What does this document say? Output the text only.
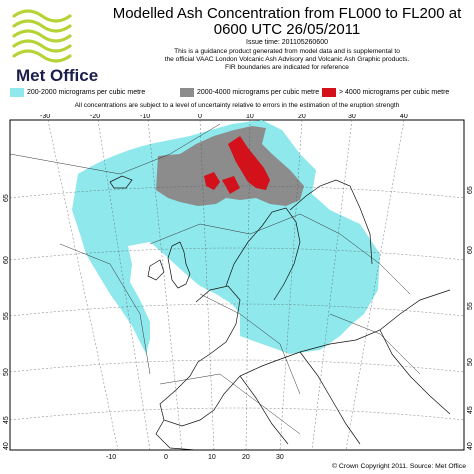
Met Office
Modelled Ash Concentration from FL000 to FL200 at
0600 UTC 26/05/2011
Issue time: 201105260600
This is a guidance product generated from model data and is supplemental to
the official VAAC London Volcanic Ash Advisory and Volcanic Ash Graphic products.
FIR boundaries are indicated for reference
200-2000 micrograms per cubic metre	2000-4000 micrograms per cubic metre	> 4000 micrograms per cubic metre
All concentrations are subject to a level of uncertainty relative to errors in the estimation of the eruption strength
-30	-20	-10	0	10	20	30	40
-10	0	10	20	30
65
60
55
50
45
40
65
60
55
50
45
40
© Crown Copyright 2011. Source: Met Office
